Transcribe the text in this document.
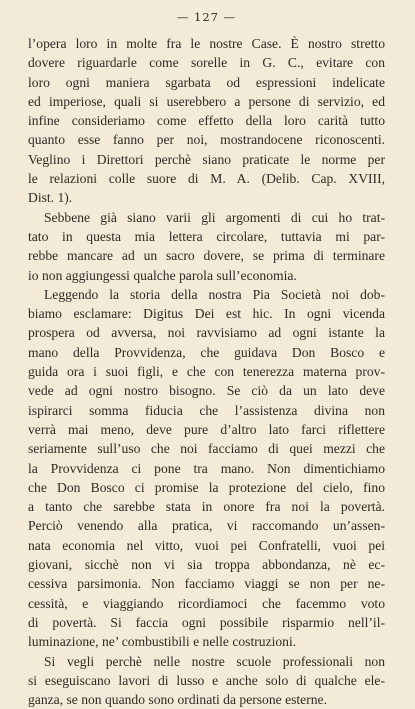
— 127 —
l’opera loro in molte fra le nostre Case. È nostro stretto
dovere riguardarle come sorelle in G. C., evitare con
loro ogni maniera sgarbata od espressioni indelicate
ed imperiose, quali si userebbero a persone di servizio, ed
infine consideriamo come effetto della loro carità tutto
quanto esse fanno per noi, mostrandocene riconoscenti.
Veglino i Direttori perchè siano praticate le norme per
le relazioni colle suore di M. A. (Delib. Cap. XVIII,
Dist. 1).
Sebbene già siano varii gli argomenti di cui ho trat-
tato in questa mia lettera circolare, tuttavia mi par-
rebbe mancare ad un sacro dovere, se prima di terminare
io non aggiungessi qualche parola sull’economia.
Leggendo la storia della nostra Pia Società noi dob-
biamo esclamare: Digitus Dei est hic. In ogni vicenda
prospera od avversa, noi ravvisiamo ad ogni istante la
mano della Provvidenza, che guidava Don Bosco e
guida ora i suoi figli, e che con tenerezza materna prov-
vede ad ogni nostro bisogno. Se ciò da un lato deve
ispirarci somma fiducia che l’assistenza divina non
verrà mai meno, deve pure d’altro lato farci riflettere
seriamente sull’uso che noi facciamo di quei mezzi che
la Provvidenza ci pone tra mano. Non dimentichiamo
che Don Bosco ci promise la protezione del cielo, fino
a tanto che sarebbe stata in onore fra noi la povertà.
Perciò venendo alla pratica, vi raccomando un’assen-
nata economia nel vitto, vuoi pei Confratelli, vuoi pei
giovani, sicchè non vi sia troppa abbondanza, nè ec-
cessiva parsimonia. Non facciamo viaggi se non per ne-
cessità, e viaggiando ricordiamoci che facemmo voto
di povertà. Si faccia ogni possibile risparmio nell’il-
luminazione, ne’ combustibili e nelle costruzioni.
Si vegli perchè nelle nostre scuole professionali non
si eseguiscano lavori di lusso e anche solo di qualche ele-
ganza, se non quando sono ordinati da persone esterne.
